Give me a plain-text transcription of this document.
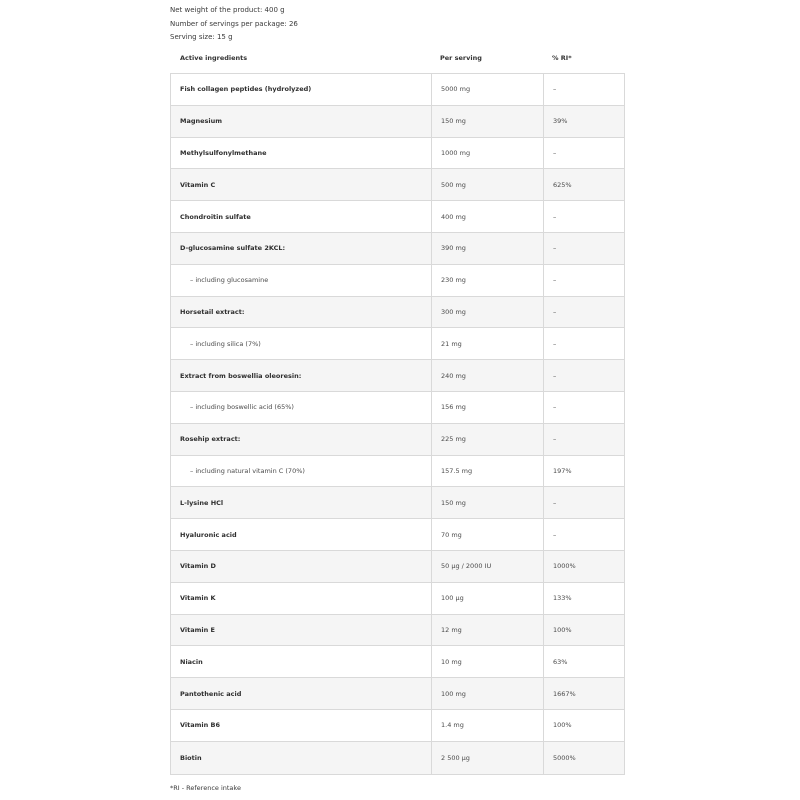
Net weight of the product: 400 g
Number of servings per package: 26
Serving size: 15 g
Active ingredients	Per serving	% RI*
Fish collagen peptides (hydrolyzed)	5000 mg	–
Magnesium	150 mg	39%
Methylsulfonylmethane	1000 mg	–
Vitamin C	500 mg	625%
Chondroitin sulfate	400 mg	–
D-glucosamine sulfate 2KCL:	390 mg	–
– including glucosamine	230 mg	–
Horsetail extract:	300 mg	–
– including silica (7%)	21 mg	–
Extract from boswellia oleoresin:	240 mg	–
– including boswellic acid (65%)	156 mg	–
Rosehip extract:	225 mg	–
– including natural vitamin C (70%)	157.5 mg	197%
L-lysine HCl	150 mg	–
Hyaluronic acid	70 mg	–
Vitamin D	50 µg / 2000 IU	1000%
Vitamin K	100 µg	133%
Vitamin E	12 mg	100%
Niacin	10 mg	63%
Pantothenic acid	100 mg	1667%
Vitamin B6	1.4 mg	100%
Biotin	2 500 µg	5000%
*RI - Reference intake
